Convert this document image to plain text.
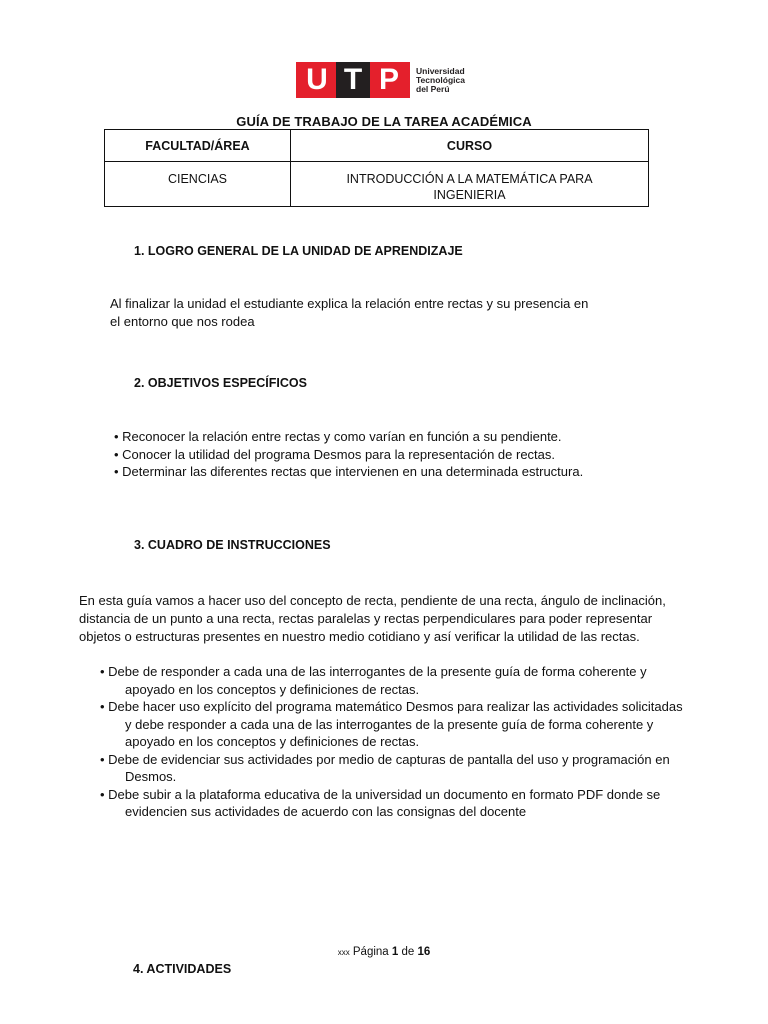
U T P	Universidad
Tecnológica
del Perú
GUÍA DE TRABAJO DE LA TAREA ACADÉMICA
FACULTAD/ÁREA	CURSO
CIENCIAS	INTRODUCCIÓN A LA MATEMÁTICA PARA
INGENIERIA
1. LOGRO GENERAL DE LA UNIDAD DE APRENDIZAJE
Al finalizar la unidad el estudiante explica la relación entre rectas y su presencia en
el entorno que nos rodea
2. OBJETIVOS ESPECÍFICOS
• Reconocer la relación entre rectas y como varían en función a su pendiente.
• Conocer la utilidad del programa Desmos para la representación de rectas.
• Determinar las diferentes rectas que intervienen en una determinada estructura.
3. CUADRO DE INSTRUCCIONES
En esta guía vamos a hacer uso del concepto de recta, pendiente de una recta, ángulo de inclinación,
distancia de un punto a una recta, rectas paralelas y rectas perpendiculares para poder representar
objetos o estructuras presentes en nuestro medio cotidiano y así verificar la utilidad de las rectas.
• Debe de responder a cada una de las interrogantes de la presente guía de forma coherente y
apoyado en los conceptos y definiciones de rectas.
• Debe hacer uso explícito del programa matemático Desmos para realizar las actividades solicitadas
y debe responder a cada una de las interrogantes de la presente guía de forma coherente y
apoyado en los conceptos y definiciones de rectas.
• Debe de evidenciar sus actividades por medio de capturas de pantalla del uso y programación en
Desmos.
• Debe subir a la plataforma educativa de la universidad un documento en formato PDF donde se
evidencien sus actividades de acuerdo con las consignas del docente
xxx Página 1 de 16
4. ACTIVIDADES
